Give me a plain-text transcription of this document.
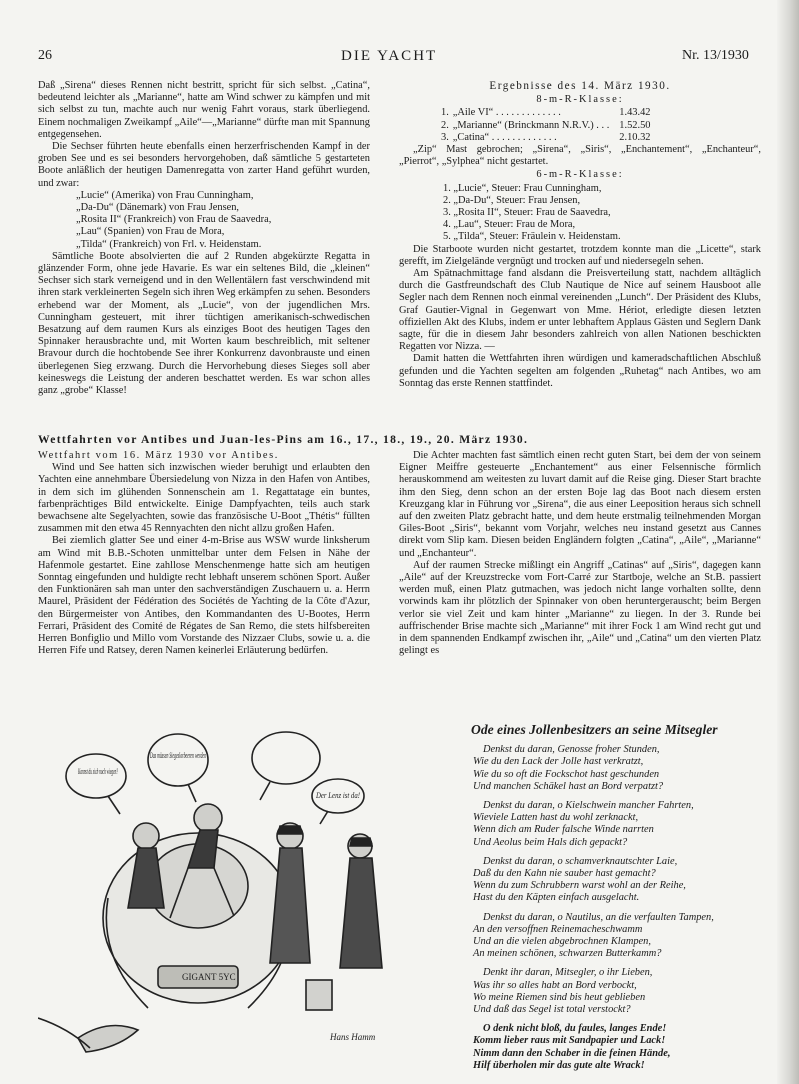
26	DIE YACHT	Nr. 13/1930

Daß „Sirena“ dieses Rennen nicht bestritt, spricht für sich selbst. „Catina“, bedeutend leichter als „Marianne“, hatte am Wind schwer zu kämpfen und mit sich selbst zu tun, machte auch nur wenig Fahrt voraus, stark überliegend. Einem nochmaligen Zweikampf „Aile“—„Marianne“ dürfte man mit Spannung entgegensehen.

Die Sechser führten heute ebenfalls einen herzerfrischenden Kampf in der groben See und es sei besonders hervorgehoben, daß sämtliche 5 gestarteten Boote anläßlich der heutigen Damenregatta von zarter Hand geführt wurden, und zwar:

„Lucie“ (Amerika) von Frau Cunningham,

„Da-Du“ (Dänemark) von Frau Jensen,

„Rosita II“ (Frankreich) von Frau de Saavedra,

„Lau“ (Spanien) von Frau de Mora,

„Tilda“ (Frankreich) von Frl. v. Heidenstam.

Sämtliche Boote absolvierten die auf 2 Runden abgekürzte Regatta in glänzender Form, ohne jede Havarie. Es war ein seltenes Bild, die „kleinen“ Sechser sich stark verneigend und in den Wellentälern fast verschwindend mit ihren stark verkleinerten Segeln sich ihren Weg erkämpfen zu sehen. Besonders erhebend war der Moment, als „Lucie“, von der jugendlichen Mrs. Cunningham gesteuert, mit ihrer tüchtigen amerikanisch-schwedischen Besatzung auf dem raumen Kurs als einziges Boot des heutigen Tages den Spinnaker herausbrachte und, mit Worten kaum beschreiblich, mit seltener Bravour durch die hochtobende See ihrer Konkurrenz davonbrauste und einen überlegenen Sieg erzwang. Durch die Hervorhebung dieses Sieges soll aber keineswegs die Leistung der anderen beschattet werden. Es war schon alles ganz „grobe“ Klasse!

Ergebnisse des 14. März 1930.
8-m-R-Klasse:
1.	„Aile VI“ . . . . . . . . . . . . .	1.43.42
2.	„Marianne“ (Brinckmann N.R.V.) . . .	1.52.50
3.	„Catina“ . . . . . . . . . . . . .	2.10.32

„Zip“ Mast gebrochen; „Sirena“, „Siris“, „Enchantement“, „Enchanteur“, „Pierrot“, „Sylphea“ nicht gestartet.

6-m-R-Klasse:
1. „Lucie“, Steuer: Frau Cunningham,
2. „Da-Du“, Steuer: Frau Jensen,
3. „Rosita II“, Steuer: Frau de Saavedra,
4. „Lau“, Steuer: Frau de Mora,
5. „Tilda“, Steuer: Fräulein v. Heidenstam.

Die Starboote wurden nicht gestartet, trotzdem konnte man die „Licette“, stark gerefft, im Zielgelände vergnügt und trocken auf und niedersegeln sehen.

Am Spätnachmittage fand alsdann die Preisverteilung statt, nachdem alltäglich durch die Gastfreundschaft des Club Nautique de Nice auf seinem Hausboot alle Segler nach dem Rennen noch einmal vereinenden „Lunch“. Der Präsident des Klubs, Graf Gautier-Vignal in Gegenwart von Mme. Hériot, erledigte diesen letzten offiziellen Akt des Klubs, indem er unter lebhaftem Applaus Gästen und Seglern Dank sagte, für die in diesem Jahr besonders zahlreich von allen Nationen beschickten Regatten vor Nizza. —

Damit hatten die Wettfahrten ihren würdigen und kameradschaftlichen Abschluß gefunden und die Yachten segelten am folgenden „Ruhetag“ nach Antibes, wo am Sonntag das erste Rennen stattfindet.

Wettfahrten vor Antibes und Juan-les-Pins am 16., 17., 18., 19., 20. März 1930.

Wettfahrt vom 16. März 1930 vor Antibes.

Wind und See hatten sich inzwischen wieder beruhigt und erlaubten den Yachten eine annehmbare Übersiedelung von Nizza in den Hafen von Antibes, in dem sich im glühenden Sonnenschein am 1. Regattatage ein buntes, farbenprächtiges Bild entwickelte. Einige Dampfyachten, teils auch stark bewachsene alte Segelyachten, sowie das französische U-Boot „Thétis“ füllten zusammen mit den etwa 45 Rennyachten den nicht allzu großen Hafen.

Bei ziemlich glatter See und einer 4-m-Brise aus WSW wurde linksherum am Wind mit B.B.-Schoten unmittelbar unter dem Felsen in Nähe der Hafenmole gestartet. Eine zahllose Menschenmenge hatte sich am heutigen Sonntag eingefunden und huldigte recht lebhaft unserem schönen Sport. Außer den Funktionären sah man unter den sachverständigen Zuschauern u. a. Herrn Maurel, Präsident der Fédération des Sociétés de Yachting de la Côte d'Azur, den Bürgermeister von Antibes, den Kommandanten des U-Bootes, Herrn Ferrari, Präsident des Comité de Régates de San Remo, die stets hilfsbereiten Herren Bonfiglio und Millo vom Vorstande des Nizzaer Clubs, sowie u. a. die Herren Fife und Ratsey, deren Namen keinerlei Erläuterung bedürfen.

Die Achter machten fast sämtlich einen recht guten Start, bei dem der von seinem Eigner Meiffre gesteuerte „Enchantement“ aus einer Felsennische förmlich herauskommend am weitesten zu luvart damit auf die Reise ging. Dieser Start brachte ihm den Sieg, denn schon an der ersten Boje lag das Boot nach diesem ersten Kreuzgang klar in Führung vor „Sirena“, die aus einer Leeposition heraus sich schnell auf den zweiten Platz gebracht hatte, und dem heute erstmalig teilnehmenden Morgan Giles-Boot „Siris“, bekannt vom Vorjahr, welches neu instand gesetzt aus Cannes direkt vom Slip kam. Diesen beiden Engländern folgten „Catina“, „Aile“, „Marianne“ und „Enchanteur“.

Auf der raumen Strecke mißlingt ein Angriff „Catinas“ auf „Siris“, dagegen kann „Aile“ auf der Kreuzstrecke vom Fort-Carré zur Startboje, welche an St.B. passiert werden muß, einen Platz gutmachen, was jedoch nicht lange vorhalten sollte, denn vorwinds kam ihr plötzlich der Spinnaker von oben heruntergerauscht; beim Bergen verlor sie viel Zeit und kam hinter „Marianne“ zu liegen. In der 3. Runde bei auffrischender Brise machte sich „Marianne“ mit ihrer Fock 1 am Wind recht gut und in dem spannenden Endkampf zwischen ihr, „Aile“ und „Catina“ um den vierten Platz gelingt es

Kannst du sich noch wiegen?
Das müssen Siegeslorbeeren werden
Der Lenz ist da!
GIGANT 5YC
Hans Hamm
Ode eines Jollenbesitzers an seine Mitsegler
Denkst du daran, Genosse froher Stunden,
Wie du den Lack der Jolle hast verkratzt,
Wie du so oft die Fockschot hast geschunden
Und manchen Schäkel hast an Bord verpatzt?
Denkst du daran, o Kielschwein mancher Fahrten,
Wieviele Latten hast du wohl zerknackt,
Wenn dich am Ruder falsche Winde narrten
Und Aeolus beim Hals dich gepackt?
Denkst du daran, o schamverknautschter Laie,
Daß du den Kahn nie sauber hast gemacht?
Wenn du zum Schrubbern warst wohl an der Reihe,
Hast du den Käpten einfach ausgelacht.
Denkst du daran, o Nautilus, an die verfaulten Tampen,
An den versoffnen Reinemacheschwamm
Und an die vielen abgebrochnen Klampen,
An meinen schönen, schwarzen Butterkamm?
Denkt ihr daran, Mitsegler, o ihr Lieben,
Was ihr so alles habt an Bord verbockt,
Wo meine Riemen sind bis heut geblieben
Und daß das Segel ist total verstockt?
O denk nicht bloß, du faules, langes Ende!
Komm lieber raus mit Sandpapier und Lack!
Nimm dann den Schaber in die feinen Hände,
Hilf überholen mir das gute alte Wrack!
